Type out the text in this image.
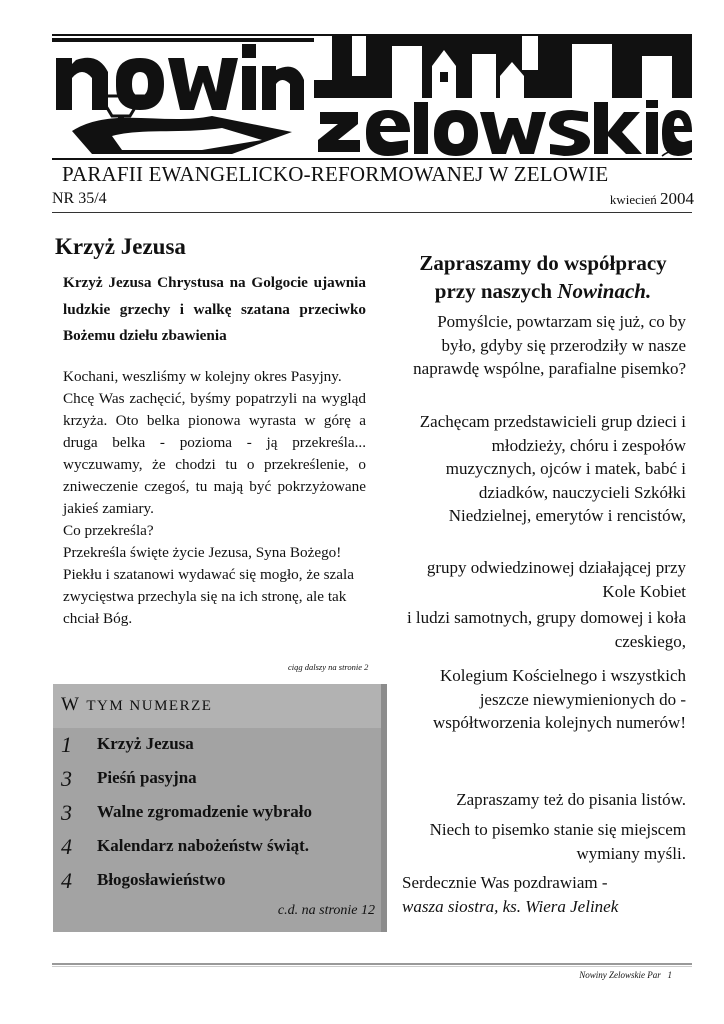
PARAFII EWANGELICKO-REFORMOWANEJ W ZELOWIE
NR 35/4	kwiecień 2004
Krzyż Jezusa
Krzyż Jezusa Chrystusa na Golgocie ujawnia ludzkie grzechy i walkę szatana przeciwko Bożemu dziełu zbawienia

Kochani, weszliśmy w kolejny okres Pasyjny.

Chcę Was zachęcić, byśmy popatrzyli na wygląd krzyża. Oto belka pionowa wyrasta w górę a druga belka - pozioma - ją przekreśla... wyczuwamy, że chodzi tu o przekreślenie, o zniweczenie czegoś, tu mają być pokrzyżowane jakieś zamiary.

Co przekreśla?

Przekreśla święte życie Jezusa, Syna Bożego! Piekłu i szatanowi wydawać się mogło, że szala zwycięstwa przechyla się na ich stronę, ale tak chciał Bóg.

ciąg dalszy na stronie 2
W TYM NUMERZE
1 Krzyż Jezusa
3 Pieśń pasyjna
3 Walne zgromadzenie wybrało
4 Kalendarz nabożeństw świąt.
4 Błogosławieństwo
c.d. na stronie 12
Zapraszamy do współpracy
przy naszych Nowinach.
Pomyślcie, powtarzam się już, co by było, gdyby się przerodziły w nasze naprawdę wspólne, parafialne pisemko?
Zachęcam przedstawicieli grup dzieci i młodzieży, chóru i zespołów muzycznych, ojców i matek, babć i dziadków, nauczycieli Szkółki Niedzielnej, emerytów i rencistów,
grupy odwiedzinowej działającej przy Kole Kobiet
i ludzi samotnych, grupy domowej i koła czeskiego,
Kolegium Kościelnego i wszystkich jeszcze niewymienionych do - współtworzenia kolejnych numerów!
Zapraszamy też do pisania listów.
Niech to pisemko stanie się miejscem wymiany myśli.
Serdecznie Was pozdrawiam -
wasza siostra, ks. Wiera Jelinek
Nowiny Zelowskie Par 1
